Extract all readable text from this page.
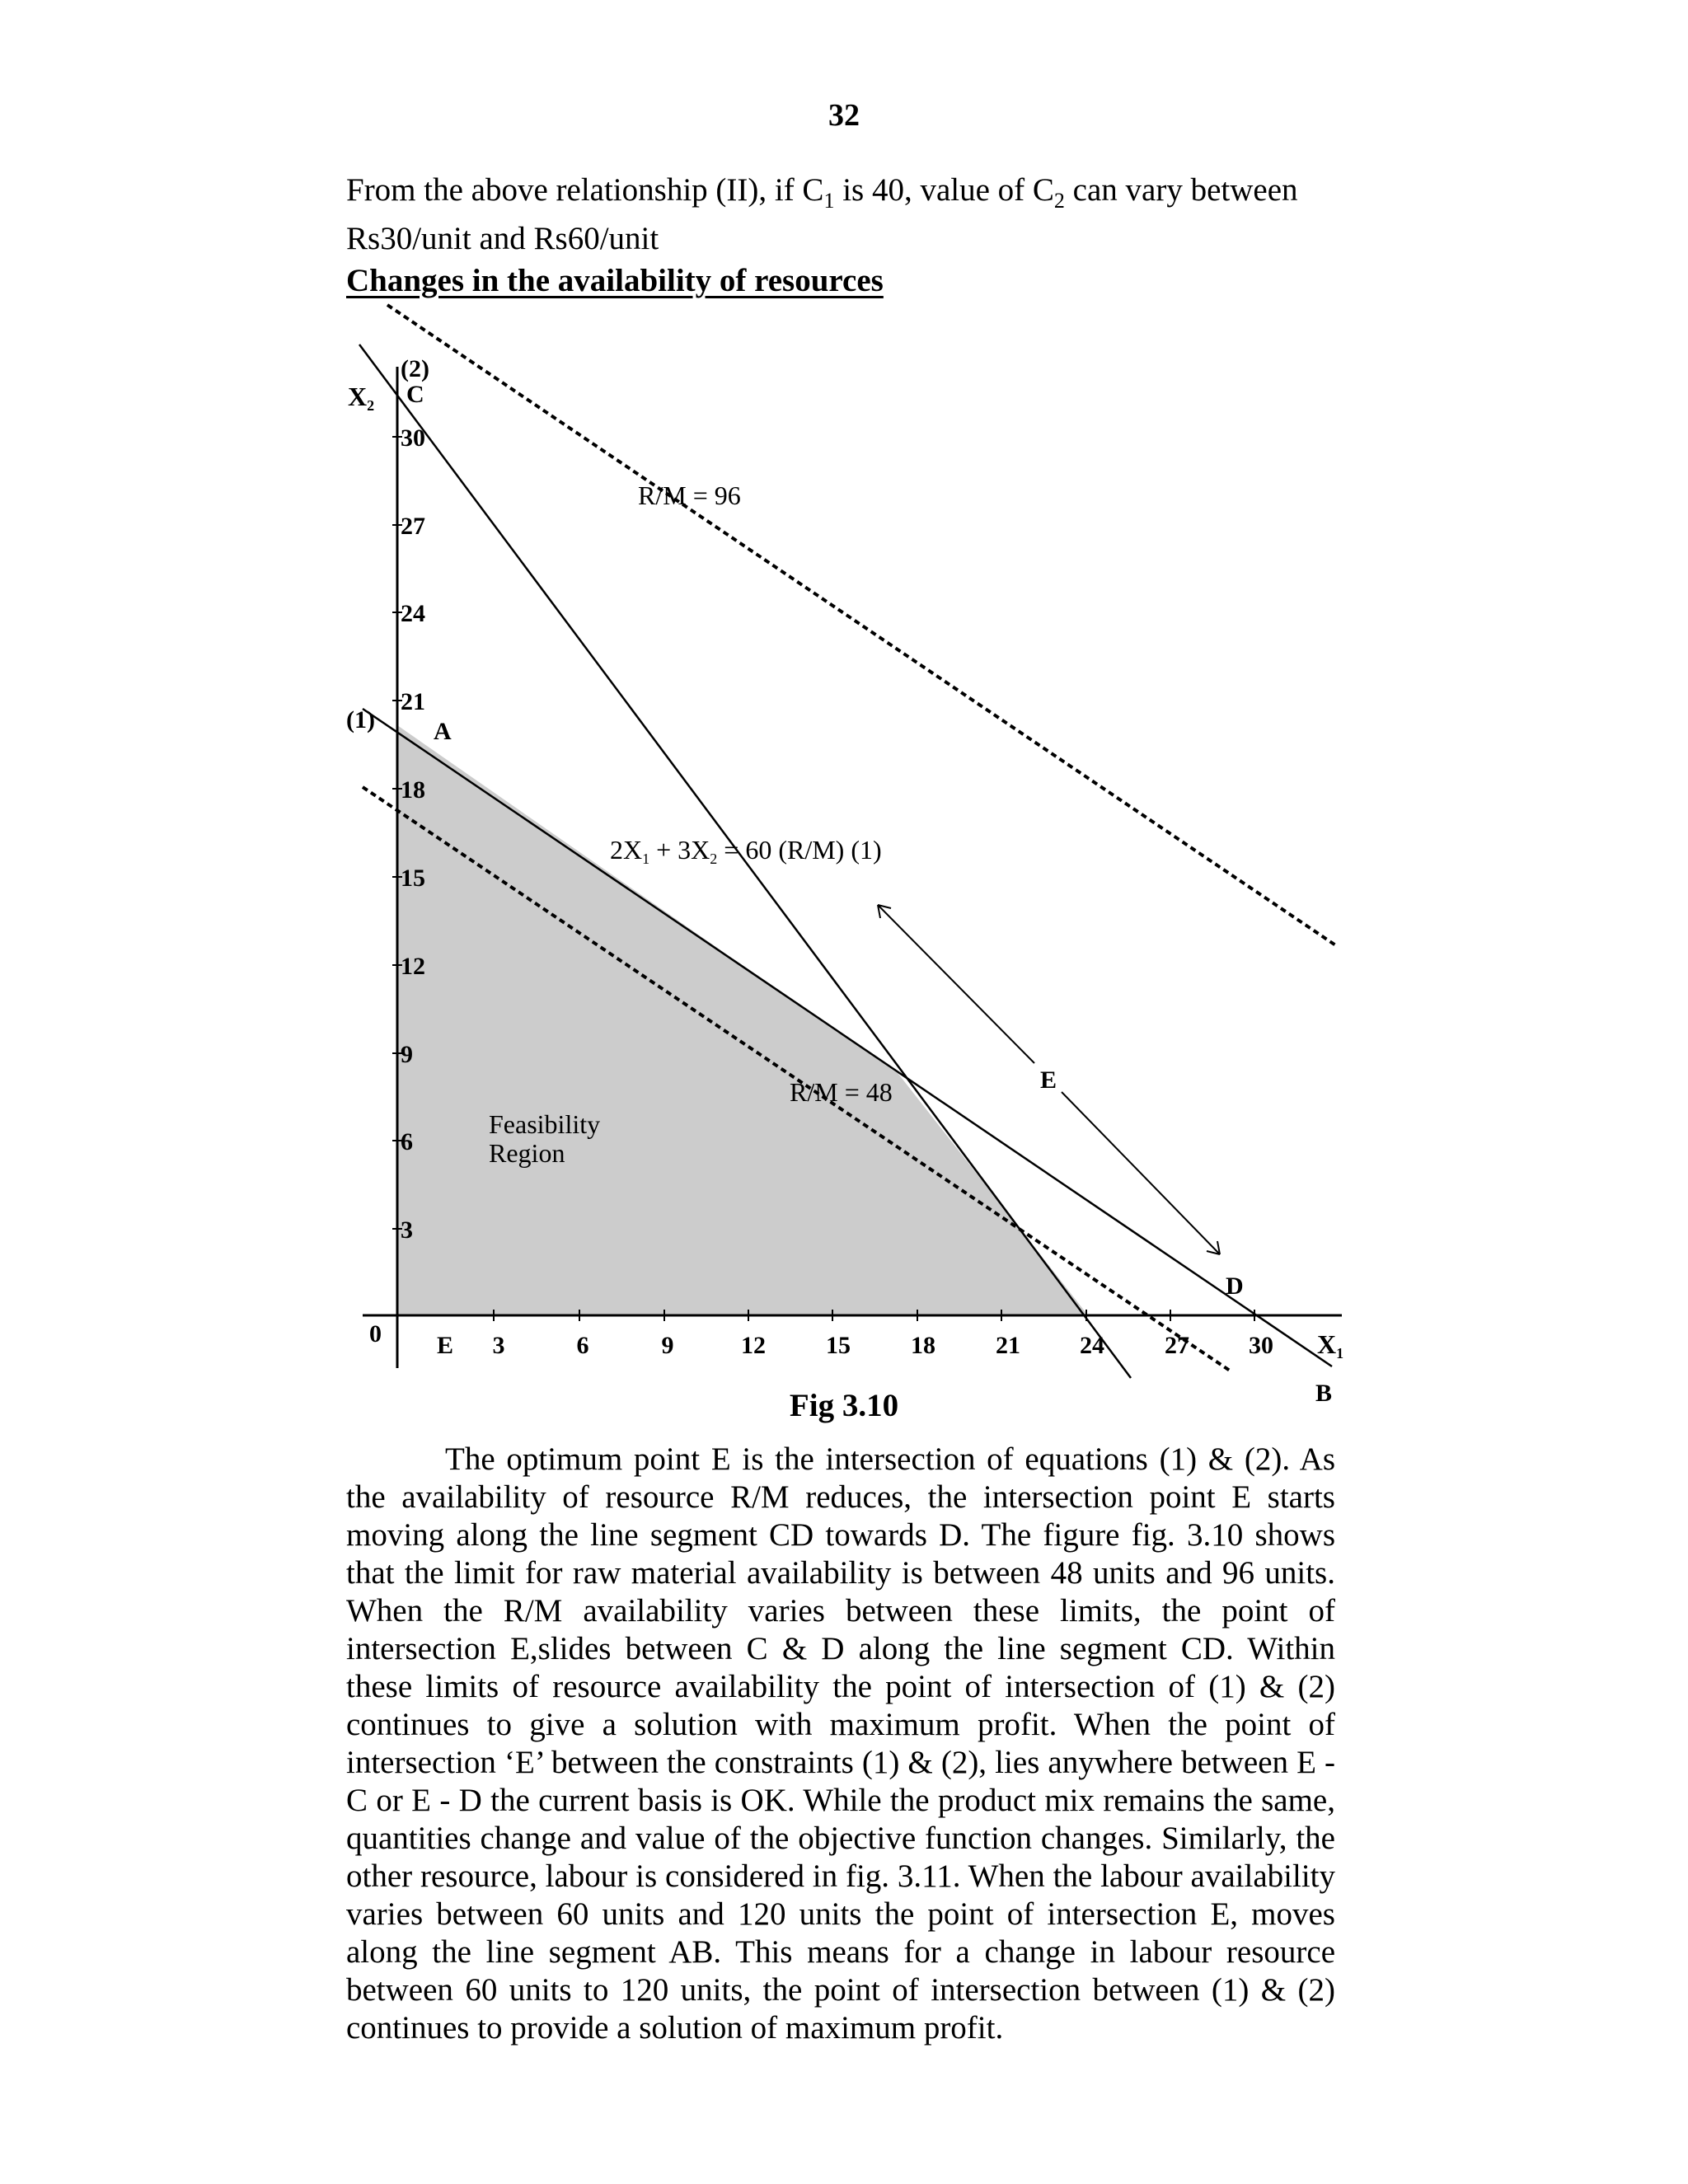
32
From the above relationship (II), if $C_1$ is 40, value of $C_2$ can vary between
Rs30/unit and Rs60/unit
Changes in the availability of resources
3
6
9
12
15
18
21
24
27
30
3	6	9	12 15 18 21 24 27 30
0	X1
X2
(2)
C
(1) A
E
D
E
B
Feasibility
Region
2X1 + 3X2 = 60 (R/M) (1)
R/M = 96
R/M = 48
Fig 3.10

The optimum point E is the intersection of equations (1) & (2). As the availability of resource R/M reduces, the intersection point E starts moving along the line segment CD towards D. The figure fig. 3.10 shows that the limit for raw material availability is between 48 units and 96 units. When the R/M availability varies between these limits, the point of intersection E,slides between C & D along the line segment CD. Within these limits of resource availability the point of intersection of (1) & (2) continues to give a solution with maximum profit. When the point of intersection ‘E’ between the constraints (1) & (2), lies anywhere between E - C or E - D the current basis is OK. While the product mix remains the same, quantities change and value of the objective function changes. Similarly, the other resource, labour is considered in fig. 3.11. When the labour availability varies between 60 units and 120 units the point of intersection E, moves along the line segment AB. This means for a change in labour resource between 60 units to 120 units, the point of intersection between (1) & (2) continues to provide a solution of maximum profit.
